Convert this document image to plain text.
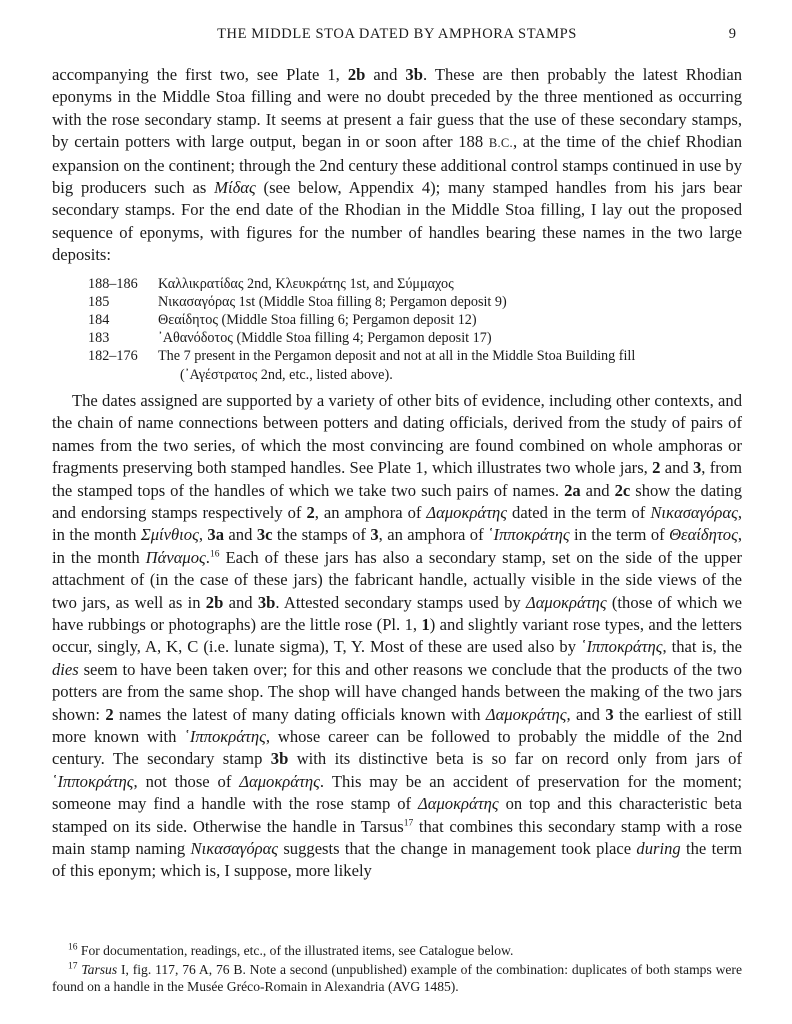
THE MIDDLE STOA DATED BY AMPHORA STAMPS	9

accompanying the first two, see Plate 1, 2b and 3b. These are then probably the latest Rhodian eponyms in the Middle Stoa filling and were no doubt preceded by the three mentioned as occurring with the rose secondary stamp. It seems at present a fair guess that the use of these secondary stamps, by certain potters with large output, began in or soon after 188 B.C., at the time of the chief Rhodian expansion on the continent; through the 2nd century these additional control stamps continued in use by big producers such as Μίδας (see below, Appendix 4); many stamped handles from his jars bear secondary stamps. For the end date of the Rhodian in the Middle Stoa filling, I lay out the proposed sequence of eponyms, with figures for the number of handles bearing these names in the two large deposits:

188–186	Καλλικρατίδας 2nd, Κλευκράτης 1st, and Σύμμαχος
185	Νικασαγόρας 1st (Middle Stoa filling 8; Pergamon deposit 9)
184	Θεαίδητος (Middle Stoa filling 6; Pergamon deposit 12)
183	᾿Αθανόδοτος (Middle Stoa filling 4; Pergamon deposit 17)
182–176	The 7 present in the Pergamon deposit and not at all in the Middle Stoa Building fill
(᾿Αγέστρατος 2nd, etc., listed above).

The dates assigned are supported by a variety of other bits of evidence, including other contexts, and the chain of name connections between potters and dating officials, derived from the study of pairs of names from the two series, of which the most convincing are found combined on whole amphoras or fragments preserving both stamped handles. See Plate 1, which illustrates two whole jars, 2 and 3, from the stamped tops of the handles of which we take two such pairs of names. 2a and 2c show the dating and endorsing stamps respectively of 2, an amphora of Δαμοκράτης dated in the term of Νικασαγόρας, in the month Σμίνθιος, 3a and 3c the stamps of 3, an amphora of ῾Ιπποκράτης in the term of Θεαίδητος, in the month Πάναμος.$^{16}$ Each of these jars has also a secondary stamp, set on the side of the upper attachment of (in the case of these jars) the fabricant handle, actually visible in the side views of the two jars, as well as in 2b and 3b. Attested secondary stamps used by Δαμοκράτης (those of which we have rubbings or photographs) are the little rose (Pl. 1, 1) and slightly variant rose types, and the letters occur, singly, A, K, C (i.e. lunate sigma), T, Y. Most of these are used also by ῾Ιπποκράτης, that is, the dies seem to have been taken over; for this and other reasons we conclude that the products of the two potters are from the same shop. The shop will have changed hands between the making of the two jars shown: 2 names the latest of many dating officials known with Δαμοκράτης, and 3 the earliest of still more known with ῾Ιπποκράτης, whose career can be followed to probably the middle of the 2nd century. The secondary stamp 3b with its distinctive beta is so far on record only from jars of ῾Ιπποκράτης, not those of Δαμοκράτης. This may be an accident of preservation for the moment; someone may find a handle with the rose stamp of Δαμοκράτης on top and this characteristic beta stamped on its side. Otherwise the handle in Tarsus$^{17}$ that combines this secondary stamp with a rose main stamp naming Νικασαγόρας suggests that the change in management took place during the term of this eponym; which is, I suppose, more likely

$^{16}$ For documentation, readings, etc., of the illustrated items, see Catalogue below.

$^{17}$ Tarsus I, fig. 117, 76 A, 76 B. Note a second (unpublished) example of the combination: duplicates of both stamps were found on a handle in the Musée Gréco-Romain in Alexandria (AVG 1485).
